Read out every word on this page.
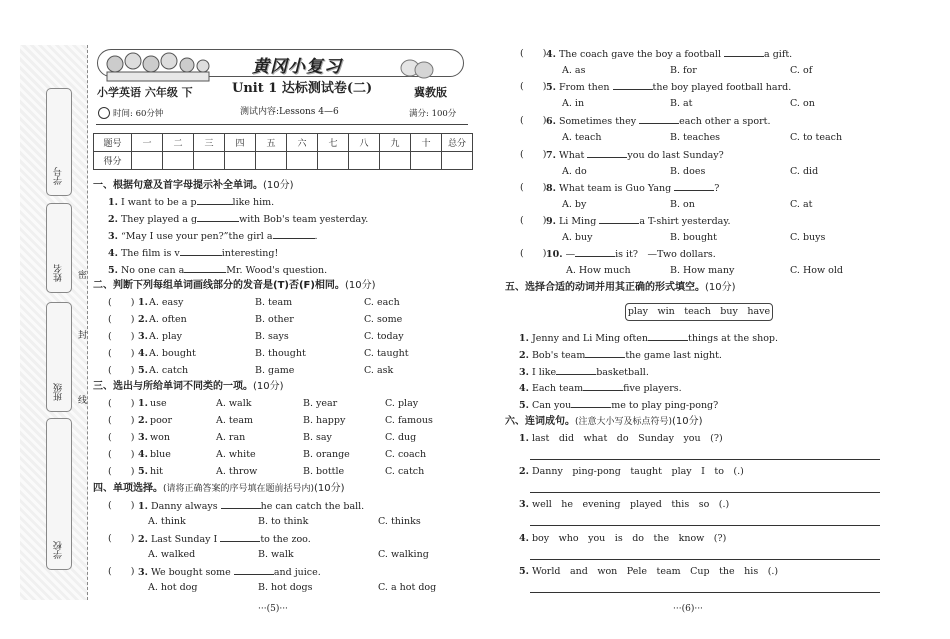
学号
姓名
班级
学校
密
封
线
黄冈小复习
小学英语 六年级 下	Unit 1 达标测试卷(二)	冀教版
时间: 60分钟	测试内容:Lessons 4—6	满分: 100分
题号	一	二	三	四	五	六	七	八	九	十	总分
得分											
一、根据句意及首字母提示补全单词。(10分)
1. I want to be a p	like him.
2. They played a g	with Bob's team yesterday.
3. “May I use your pen?”the girl a	.
4. The film is v	interesting!
5. No one can a	Mr. Wood's question.
二、判断下列每组单词画线部分的发音是(T)否(F)相同。(10分)
(　　) 1. A. easy	B. team	C. each
(　　) 2. A. often	B. other	C. some
(　　) 3. A. play	B. says	C. today
(　　) 4. A. bought	B. thought	C. taught
(　　) 5. A. catch	B. game	C. ask
三、选出与所给单词不同类的一项。(10分)
(　　) 1. use	A. walk	B. year	C. play
(　　) 2. poor	A. team	B. happy	C. famous
(　　) 3. won	A. ran	B. say	C. dug
(　　) 4. blue	A. white	B. orange	C. coach
(　　) 5. hit	A. throw	B. bottle	C. catch
四、单项选择。(请将正确答案的序号填在题前括号内)(10分)
(　　) 1. Danny always	he can catch the ball.
A. think	B. to think	C. thinks
(　　) 2. Last Sunday I	to the zoo.
A. walked	B. walk	C. walking
(　　) 3. We bought some	and juice.
A. hot dog	B. hot dogs	C. a hot dog
···(5)···
(　　) 4. The coach gave the boy a football	a gift.
A. as	B. for	C. of
(　　) 5. From then	the boy played football hard.
A. in	B. at	C. on
(　　) 6. Sometimes they	each other a sport.
A. teach	B. teaches	C. to teach
(　　) 7. What	you do last Sunday?
A. do	B. does	C. did
(　　) 8. What team is Guo Yang	?
A. by	B. on	C. at
(　　) 9. Li Ming	a T-shirt yesterday.
A. buy	B. bought	C. buys
(　　) 10. —	is it?　—Two dollars.
A. How much	B. How many	C. How old
五、选择合适的动词并用其正确的形式填空。(10分)
play　win　teach　buy　have
1. Jenny and Li Ming often	things at the shop.
2. Bob's team	the game last night.
3. I like	basketball.
4. Each team	five players.
5. Can you	me to play ping-pong?
六、连词成句。(注意大小写及标点符号)(10分)
1. last　did　what　do　Sunday　you　(?)
2. Danny　ping-pong　taught　play　I　to　(.)
3. well　he　evening　played　this　so　(.)
4. boy　who　you　is　do　the　know　(?)
5. World　and　won　Pele　team　Cup　the　his　(.)
···(6)···
